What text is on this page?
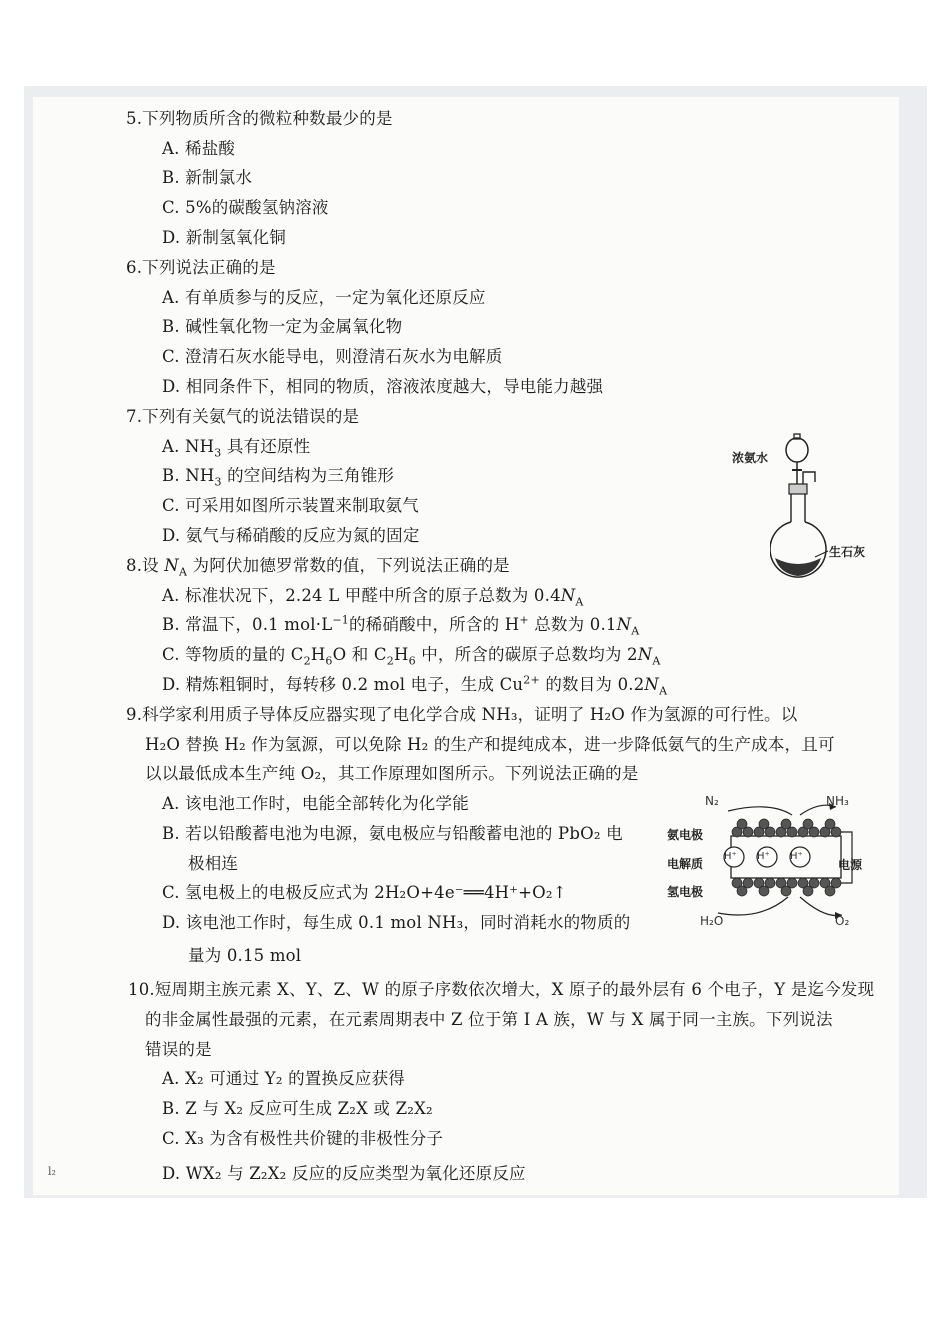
5.下列物质所含的微粒种数最少的是
A. 稀盐酸
B. 新制氯水
C. 5%的碳酸氢钠溶液
D. 新制氢氧化铜
6.下列说法正确的是
A. 有单质参与的反应，一定为氧化还原反应
B. 碱性氧化物一定为金属氧化物
C. 澄清石灰水能导电，则澄清石灰水为电解质
D. 相同条件下，相同的物质，溶液浓度越大，导电能力越强
7.下列有关氨气的说法错误的是
A. $NH_3$ 具有还原性
B. $NH_3$ 的空间结构为三角锥形
C. 可采用如图所示装置来制取氨气
D. 氨气与稀硝酸的反应为氮的固定
浓氨水
生石灰
8.设 $N_A$ 为阿伏加德罗常数的值，下列说法正确的是
A. 标准状况下，2.24 L 甲醛中所含的原子总数为 $0.4N_A$
B. 常温下，0.1 $mol\cdot L^{-1}$的稀硝酸中，所含的 H+ 总数为 $0.1N_A$
C. 等物质的量的 $C_2H_6O$ 和 $C_2H_6$ 中，所含的碳原子总数均为 $2N_A$
D. 精炼粗铜时，每转移 0.2 mol 电子，生成 $Cu^{2+}$ 的数目为 $0.2N_A$
9.科学家利用质子导体反应器实现了电化学合成 NH₃，证明了 H₂O 作为氢源的可行性。以
H₂O 替换 H₂ 作为氢源，可以免除 H₂ 的生产和提纯成本，进一步降低氨气的生产成本，且可
以以最低成本生产纯 O₂，其工作原理如图所示。下列说法正确的是
A. 该电池工作时，电能全部转化为化学能
B. 若以铅酸蓄电池为电源，氨电极应与铅酸蓄电池的 PbO₂ 电
极相连
C. 氢电极上的电极反应式为 2H₂O+4e⁻══4H⁺+O₂↑
D. 该电池工作时，每生成 0.1 mol NH₃，同时消耗水的物质的
量为 0.15 mol
N₂	NH₃
氨电极
电解质
氢电极
电源
H⁺ H⁺ H⁺
H₂O	O₂
10.短周期主族元素 X、Y、Z、W 的原子序数依次增大，X 原子的最外层有 6 个电子，Y 是迄今发现
的非金属性最强的元素，在元素周期表中 Z 位于第 Ⅰ A 族，W 与 X 属于同一主族。下列说法
错误的是
A. X₂ 可通过 Y₂ 的置换反应获得
B. Z 与 X₂ 反应可生成 Z₂X 或 Z₂X₂
C. X₃ 为含有极性共价键的非极性分子
D. WX₂ 与 Z₂X₂ 反应的反应类型为氧化还原反应
l₂
